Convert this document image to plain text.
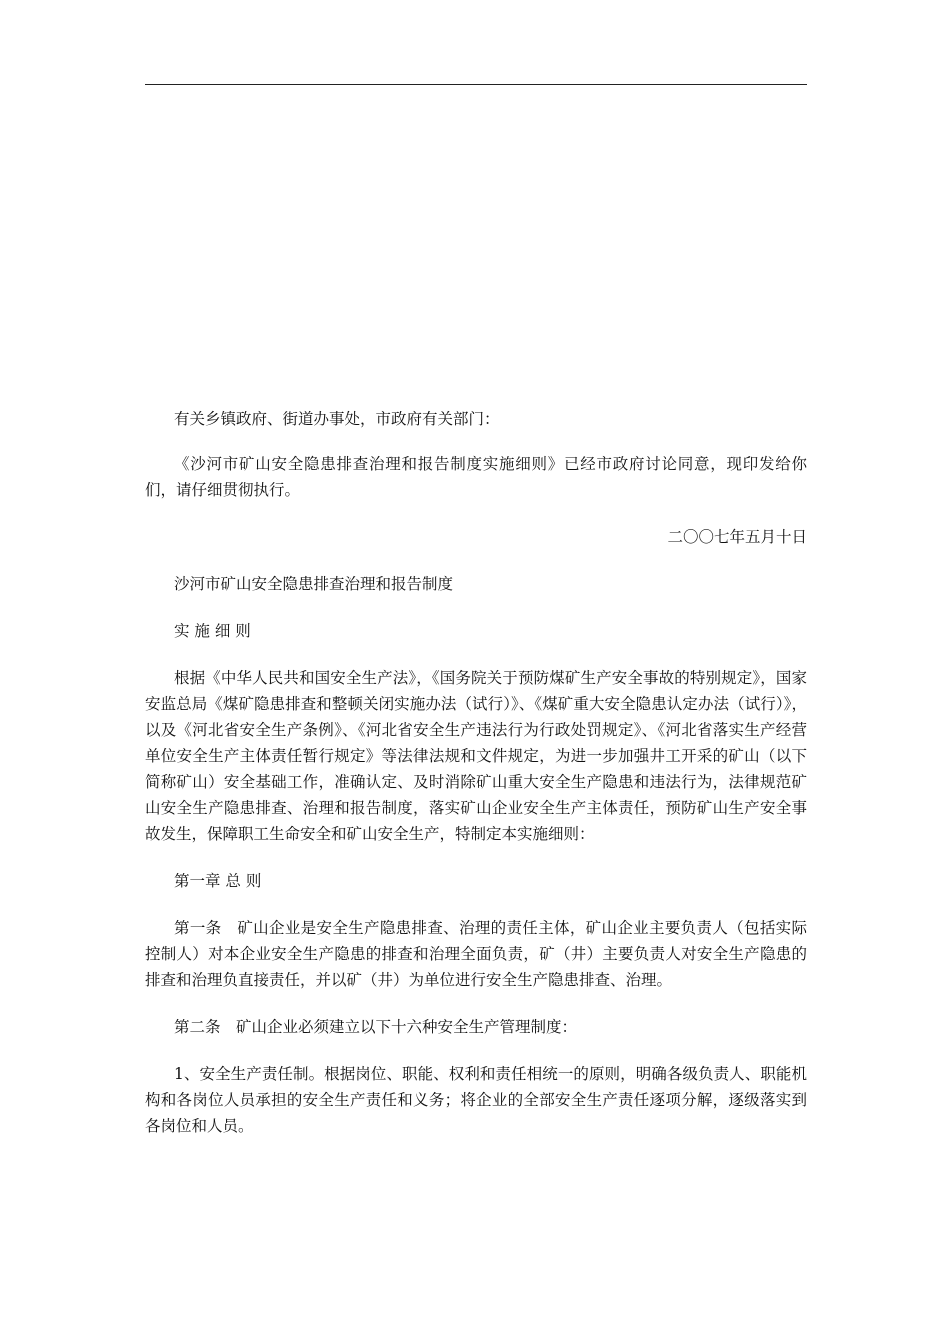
有关乡镇政府、街道办事处，市政府有关部门：

《沙河市矿山安全隐患排查治理和报告制度实施细则》已经市政府讨论同意，现印发给你们，请仔细贯彻执行。

二〇〇七年五月十日

沙河市矿山安全隐患排查治理和报告制度

实 施 细 则

根据《中华人民共和国安全生产法》，《国务院关于预防煤矿生产安全事故的特别规定》，国家安监总局《煤矿隐患排查和整顿关闭实施办法（试行）》、《煤矿重大安全隐患认定办法（试行）》，以及《河北省安全生产条例》、《河北省安全生产违法行为行政处罚规定》、《河北省落实生产经营单位安全生产主体责任暂行规定》等法律法规和文件规定，为进一步加强井工开采的矿山（以下简称矿山）安全基础工作，准确认定、及时消除矿山重大安全生产隐患和违法行为，法律规范矿山安全生产隐患排查、治理和报告制度，落实矿山企业安全生产主体责任，预防矿山生产安全事故发生，保障职工生命安全和矿山安全生产，特制定本实施细则：

第一章 总 则

第一条　矿山企业是安全生产隐患排查、治理的责任主体，矿山企业主要负责人（包括实际控制人）对本企业安全生产隐患的排查和治理全面负责，矿（井）主要负责人对安全生产隐患的排查和治理负直接责任，并以矿（井）为单位进行安全生产隐患排查、治理。

第二条　矿山企业必须建立以下十六种安全生产管理制度：

1、安全生产责任制。根据岗位、职能、权利和责任相统一的原则，明确各级负责人、职能机构和各岗位人员承担的安全生产责任和义务；将企业的全部安全生产责任逐项分解，逐级落实到各岗位和人员。
